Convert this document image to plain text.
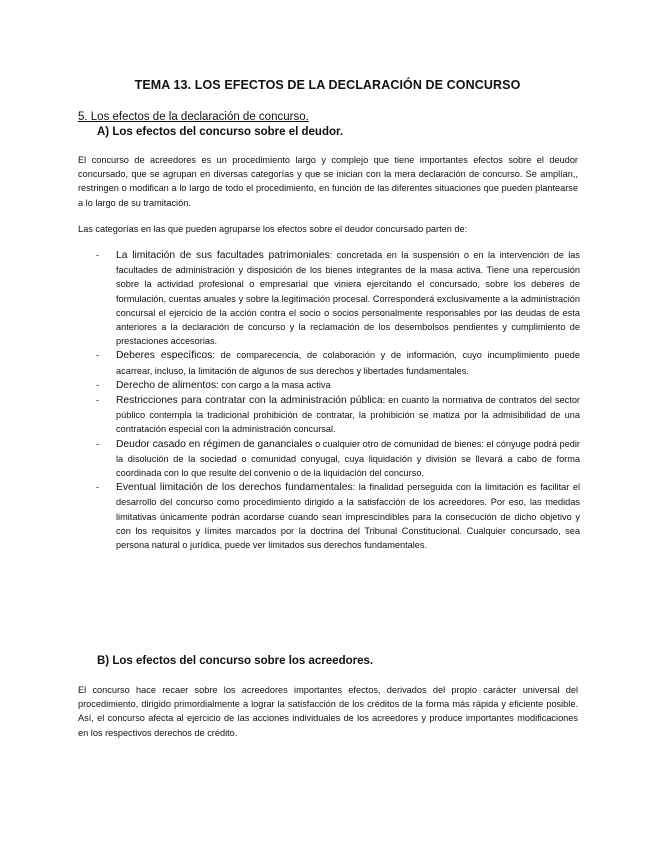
TEMA 13. LOS EFECTOS DE LA DECLARACIÓN DE CONCURSO
5. Los efectos de la declaración de concurso.
A) Los efectos del concurso sobre el deudor.

El concurso de acreedores es un procedimiento largo y complejo que tiene importantes efectos sobre el deudor concursado, que se agrupan en diversas categorías y que se inician con la mera declaración de concurso. Se amplían,, restringen o modifican a lo largo de todo el procedimiento, en función de las diferentes situaciones que pueden plantearse a lo largo de su tramitación.

Las categorías en las que pueden agruparse los efectos sobre el deudor concursado parten de:

- La limitación de sus facultades patrimoniales: concretada en la suspensión o en la intervención de las facultades de administración y disposición de los bienes integrantes de la masa activa. Tiene una repercusión sobre la actividad profesional o empresarial que viniera ejercitando el concursado, sobre los deberes de formulación, cuentas anuales y sobre la legitimación procesal. Corresponderá exclusivamente a la administración concursal el ejercicio de la acción contra el socio o socios personalmente responsables por las deudas de esta anteriores a la declaración de concurso y la reclamación de los desembolsos pendientes y cumplimiento de prestaciones accesorias.
- Deberes específicos: de comparecencia, de colaboración y de información, cuyo incumplimiento puede acarrear, incluso, la limitación de algunos de sus derechos y libertades fundamentales.
- Derecho de alimentos: con cargo a la masa activa
- Restricciones para contratar con la administración pública: en cuanto la normativa de contratos del sector público contempla la tradicional prohibición de contratar, la prohibición se matiza por la admisibilidad de una contratación especial con la administración concursal.
- Deudor casado en régimen de gananciales o cualquier otro de comunidad de bienes: el cónyuge podrá pedir la disolución de la sociedad o comunidad conyugal, cuya liquidación y división se llevará a cabo de forma coordinada con lo que resulte del convenio o de la liquidación del concurso.
- Eventual limitación de los derechos fundamentales: la finalidad perseguida con la limitación es facilitar el desarrollo del concurso como procedimiento dirigido a la satisfacción de los acreedores. Por eso, las medidas limitativas únicamente podrán acordarse cuando sean imprescindibles para la consecución de dicho objetivo y con los requisitos y límites marcados por la doctrina del Tribunal Constitucional. Cualquier concursado, sea persona natural o jurídica, puede ver limitados sus derechos fundamentales.
B) Los efectos del concurso sobre los acreedores.

El concurso hace recaer sobre los acreedores importantes efectos, derivados del propio carácter universal del procedimiento, dirigido primordialmente a lograr la satisfacción de los créditos de la forma más rápida y eficiente posible. Así, el concurso afecta al ejercicio de las acciones individuales de los acreedores y produce importantes modificaciones en los respectivos derechos de crédito.
